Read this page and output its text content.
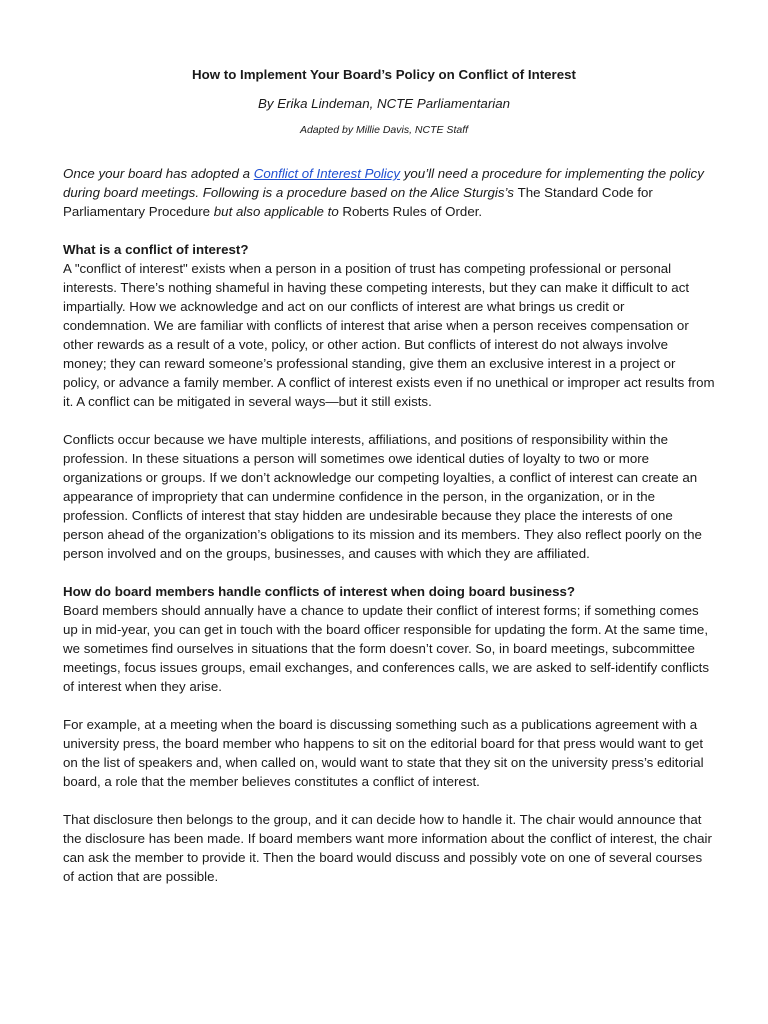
How to Implement Your Board’s Policy on Conflict of Interest
By Erika Lindeman, NCTE Parliamentarian
Adapted by Millie Davis, NCTE Staff

Once your board has adopted a Conflict of Interest Policy you’ll need a procedure for implementing the policy during board meetings. Following is a procedure based on the Alice Sturgis’s The Standard Code for Parliamentary Procedure but also applicable to Roberts Rules of Order.

What is a conflict of interest?
A "conflict of interest" exists when a person in a position of trust has competing professional or personal interests. There’s nothing shameful in having these competing interests, but they can make it difficult to act impartially. How we acknowledge and act on our conflicts of interest are what brings us credit or condemnation. We are familiar with conflicts of interest that arise when a person receives compensation or other rewards as a result of a vote, policy, or other action. But conflicts of interest do not always involve money; they can reward someone’s professional standing, give them an exclusive interest in a project or policy, or advance a family member. A conflict of interest exists even if no unethical or improper act results from it. A conflict can be mitigated in several ways—but it still exists.

Conflicts occur because we have multiple interests, affiliations, and positions of responsibility within the profession. In these situations a person will sometimes owe identical duties of loyalty to two or more organizations or groups. If we don’t acknowledge our competing loyalties, a conflict of interest can create an appearance of impropriety that can undermine confidence in the person, in the organization, or in the profession. Conflicts of interest that stay hidden are undesirable because they place the interests of one person ahead of the organization’s obligations to its mission and its members. They also reflect poorly on the person involved and on the groups, businesses, and causes with which they are affiliated.

How do board members handle conflicts of interest when doing board business?
Board members should annually have a chance to update their conflict of interest forms; if something comes up in mid-year, you can get in touch with the board officer responsible for updating the form. At the same time, we sometimes find ourselves in situations that the form doesn’t cover. So, in board meetings, subcommittee meetings, focus issues groups, email exchanges, and conferences calls, we are asked to self-identify conflicts of interest when they arise.

For example, at a meeting when the board is discussing something such as a publications agreement with a university press, the board member who happens to sit on the editorial board for that press would want to get on the list of speakers and, when called on, would want to state that they sit on the university press’s editorial board, a role that the member believes constitutes a conflict of interest.

That disclosure then belongs to the group, and it can decide how to handle it. The chair would announce that the disclosure has been made. If board members want more information about the conflict of interest, the chair can ask the member to provide it. Then the board would discuss and possibly vote on one of several courses of action that are possible.
